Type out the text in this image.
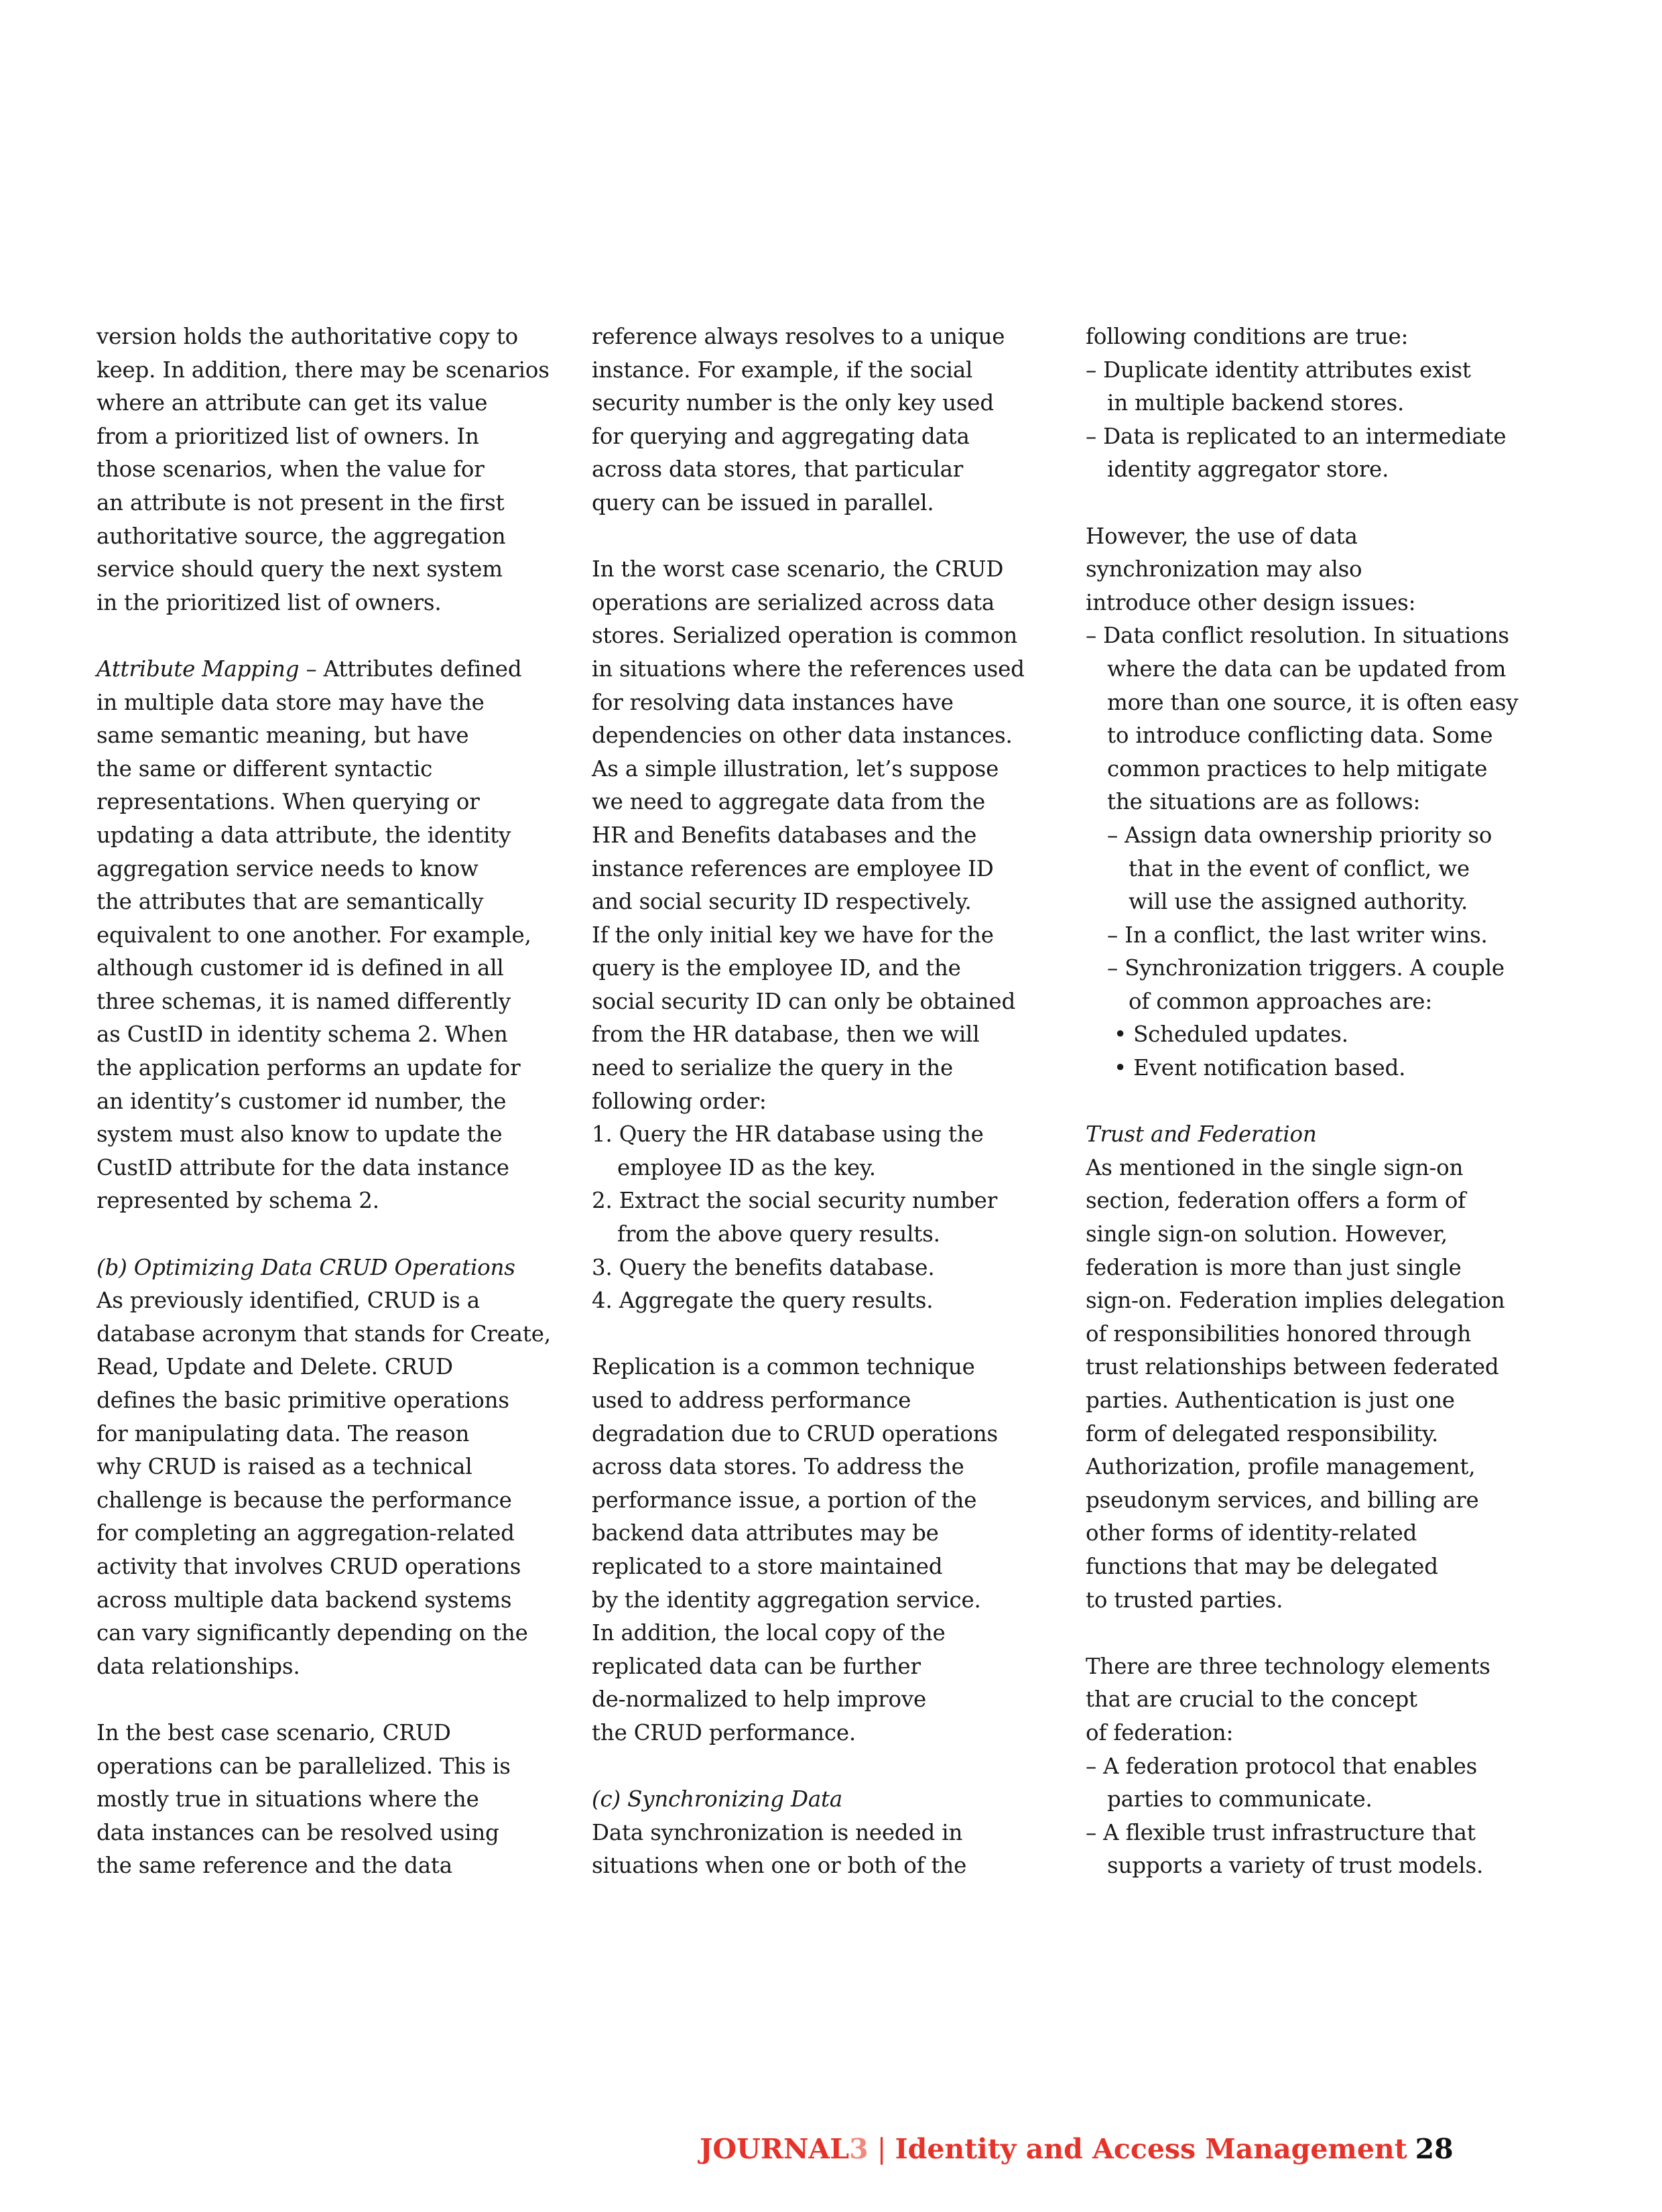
version holds the authoritative copy to
keep. In addition, there may be scenarios
where an attribute can get its value
from a prioritized list of owners. In
those scenarios, when the value for
an attribute is not present in the first
authoritative source, the aggregation
service should query the next system
in the prioritized list of owners.

Attribute Mapping – Attributes defined
in multiple data store may have the
same semantic meaning, but have
the same or different syntactic
representations. When querying or
updating a data attribute, the identity
aggregation service needs to know
the attributes that are semantically
equivalent to one another. For example,
although customer id is defined in all
three schemas, it is named differently
as CustID in identity schema 2. When
the application performs an update for
an identity’s customer id number, the
system must also know to update the
CustID attribute for the data instance
represented by schema 2.

(b) Optimizing Data CRUD Operations

As previously identified, CRUD is a
database acronym that stands for Create,
Read, Update and Delete. CRUD
defines the basic primitive operations
for manipulating data. The reason
why CRUD is raised as a technical
challenge is because the performance
for completing an aggregation-related
activity that involves CRUD operations
across multiple data backend systems
can vary significantly depending on the
data relationships.

In the best case scenario, CRUD
operations can be parallelized. This is
mostly true in situations where the
data instances can be resolved using
the same reference and the data

reference always resolves to a unique
instance. For example, if the social
security number is the only key used
for querying and aggregating data
across data stores, that particular
query can be issued in parallel.

In the worst case scenario, the CRUD
operations are serialized across data
stores. Serialized operation is common
in situations where the references used
for resolving data instances have
dependencies on other data instances.
As a simple illustration, let’s suppose
we need to aggregate data from the
HR and Benefits databases and the
instance references are employee ID
and social security ID respectively.
If the only initial key we have for the
query is the employee ID, and the
social security ID can only be obtained
from the HR database, then we will
need to serialize the query in the
following order:

1. Query the HR database using the
employee ID as the key.
2. Extract the social security number
from the above query results.
3. Query the benefits database.
4. Aggregate the query results.

Replication is a common technique
used to address performance
degradation due to CRUD operations
across data stores. To address the
performance issue, a portion of the
backend data attributes may be
replicated to a store maintained
by the identity aggregation service.
In addition, the local copy of the
replicated data can be further
de-normalized to help improve
the CRUD performance.

(c) Synchronizing Data

Data synchronization is needed in
situations when one or both of the

following conditions are true:

– Duplicate identity attributes exist
in multiple backend stores.
– Data is replicated to an intermediate
identity aggregator store.

However, the use of data
synchronization may also
introduce other design issues:

– Data conflict resolution. In situations
where the data can be updated from
more than one source, it is often easy
to introduce conflicting data. Some
common practices to help mitigate
the situations are as follows:
– Assign data ownership priority so
that in the event of conflict, we
will use the assigned authority.
– In a conflict, the last writer wins.
– Synchronization triggers. A couple
of common approaches are:
• Scheduled updates.
• Event notification based.

Trust and Federation

As mentioned in the single sign-on
section, federation offers a form of
single sign-on solution. However,
federation is more than just single
sign-on. Federation implies delegation
of responsibilities honored through
trust relationships between federated
parties. Authentication is just one
form of delegated responsibility.
Authorization, profile management,
pseudonym services, and billing are
other forms of identity-related
functions that may be delegated
to trusted parties.

There are three technology elements
that are crucial to the concept
of federation:

– A federation protocol that enables
parties to communicate.
– A flexible trust infrastructure that
supports a variety of trust models.
JOURNAL3 | Identity and Access Management 28
